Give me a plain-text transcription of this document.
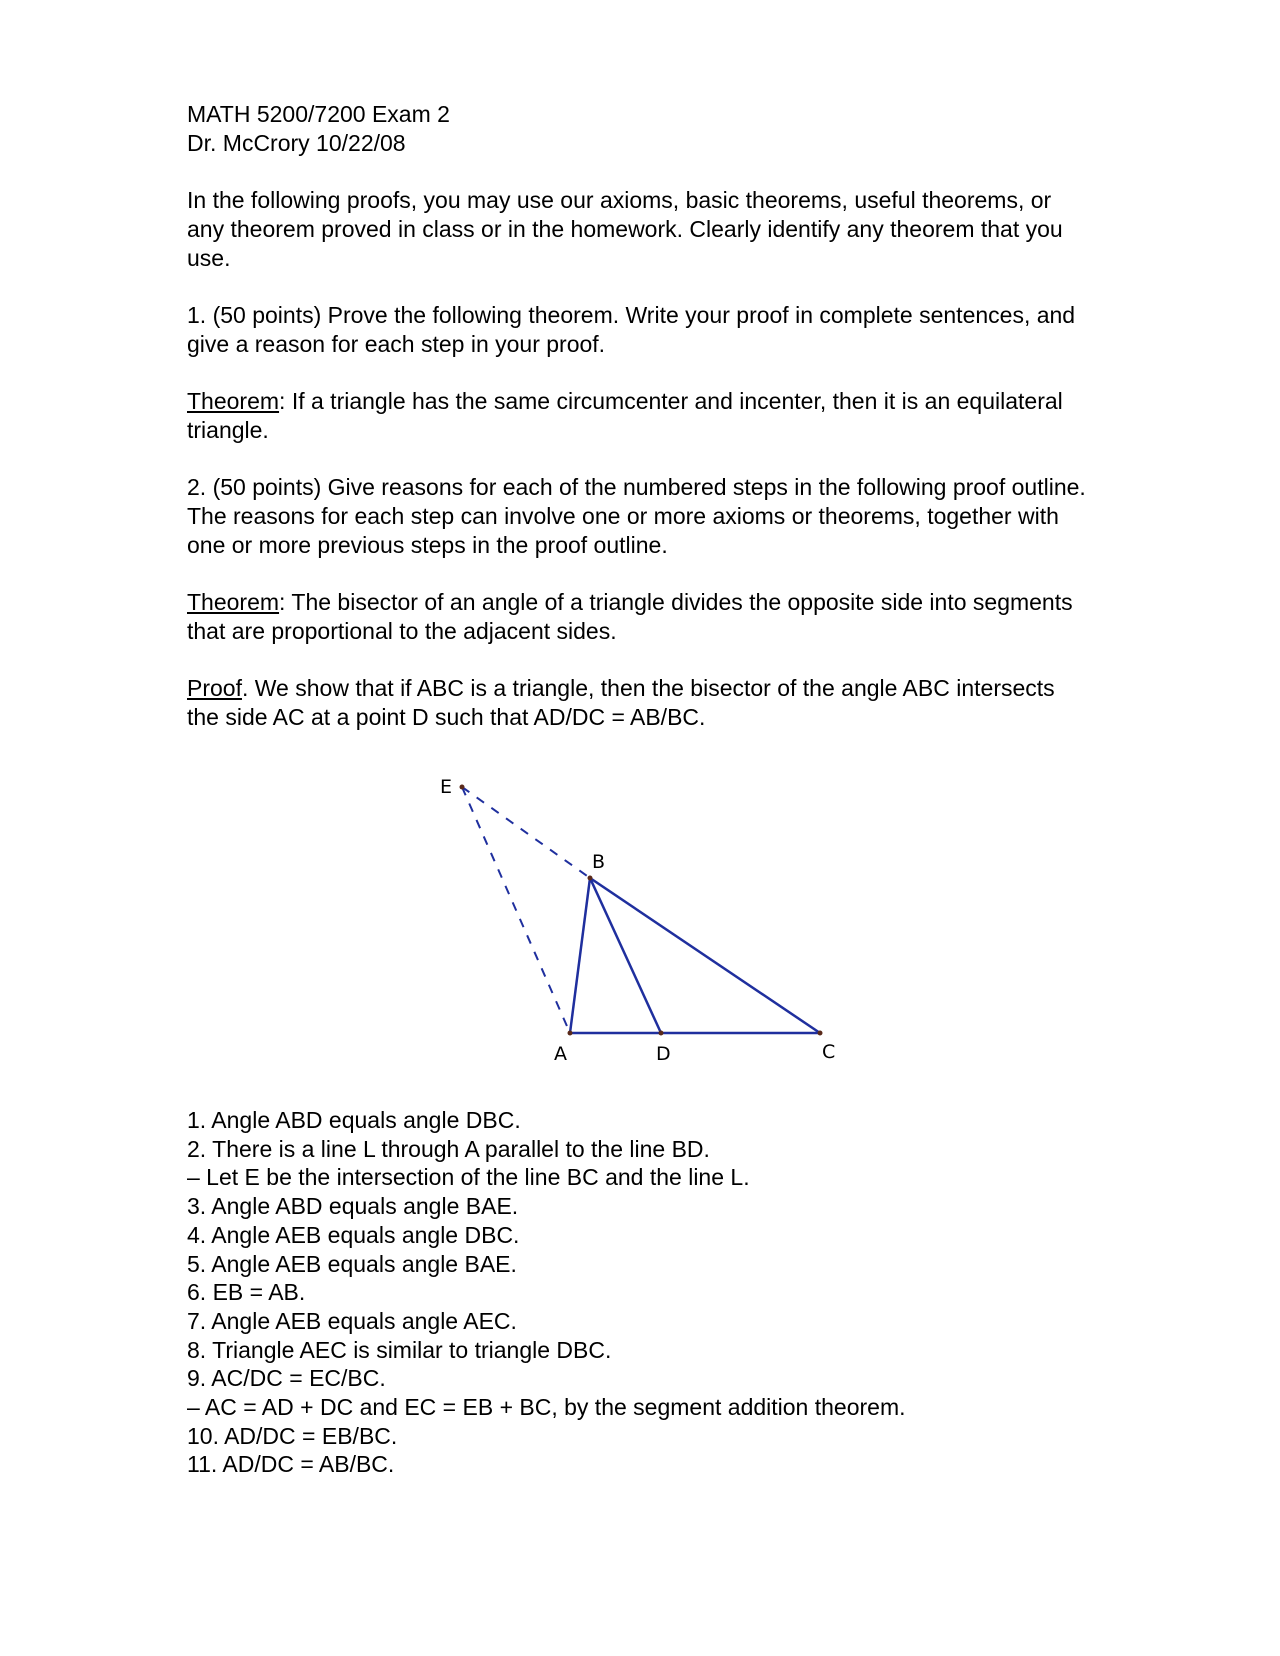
MATH 5200/7200 Exam 2

Dr. McCrory 10/22/08

In the following proofs, you may use our axioms, basic theorems, useful theorems, or any theorem proved in class or in the homework. Clearly identify any theorem that you use.

1. (50 points) Prove the following theorem. Write your proof in complete sentences, and give a reason for each step in your proof.

Theorem: If a triangle has the same circumcenter and incenter, then it is an equilateral triangle.

2. (50 points) Give reasons for each of the numbered steps in the following proof outline. The reasons for each step can involve one or more axioms or theorems, together with one or more previous steps in the proof outline.

Theorem: The bisector of an angle of a triangle divides the opposite side into segments that are proportional to the adjacent sides.

Proof. We show that if ABC is a triangle, then the bisector of the angle ABC intersects the side AC at a point D such that AD/DC = AB/BC.

E
B
A	D	C
1. Angle ABD equals angle DBC.
2. There is a line L through A parallel to the line BD.
– Let E be the intersection of the line BC and the line L.
3. Angle ABD equals angle BAE.
4. Angle AEB equals angle DBC.
5. Angle AEB equals angle BAE.
6. EB = AB.
7. Angle AEB equals angle AEC.
8. Triangle AEC is similar to triangle DBC.
9. AC/DC = EC/BC.
– AC = AD + DC and EC = EB + BC, by the segment addition theorem.
10. AD/DC = EB/BC.
11. AD/DC = AB/BC.
